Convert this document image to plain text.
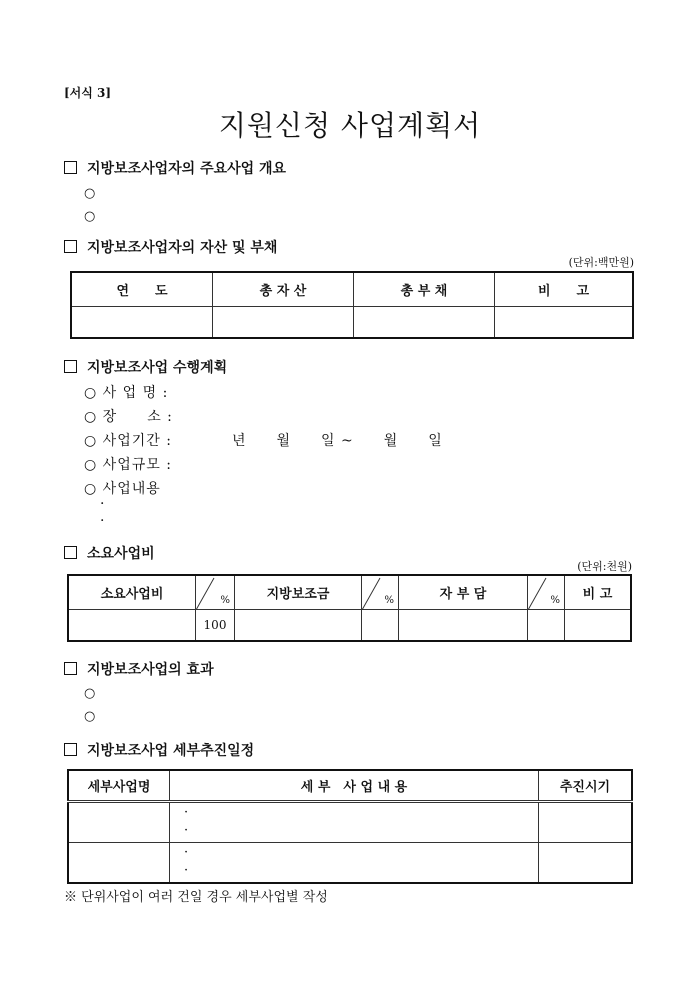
[서식 3]
지원신청 사업계획서
지방보조사업자의 주요사업 개요
○
○
지방보조사업자의 자산 및 부채
(단위:백만원)
연　　도	총 자 산	총 부 채	비　　고

지방보조사업 수행계획
○ 사 업 명 :
○ 장　　소 :
○ 사업기간 :	년　　월　　일 ~　　월　　일
○ 사업규모 :
○ 사업내용
·
·
소요사업비
(단위:천원)
소요사업비	%	지방보조금	%	자 부 담	%	비 고
	100					
지방보조사업의 효과
○
○
지방보조사업 세부추진일정
세부사업명	세 부　사 업 내 용	추진시기

	·
·	

	·
·	

※ 단위사업이 여러 건일 경우 세부사업별 작성
